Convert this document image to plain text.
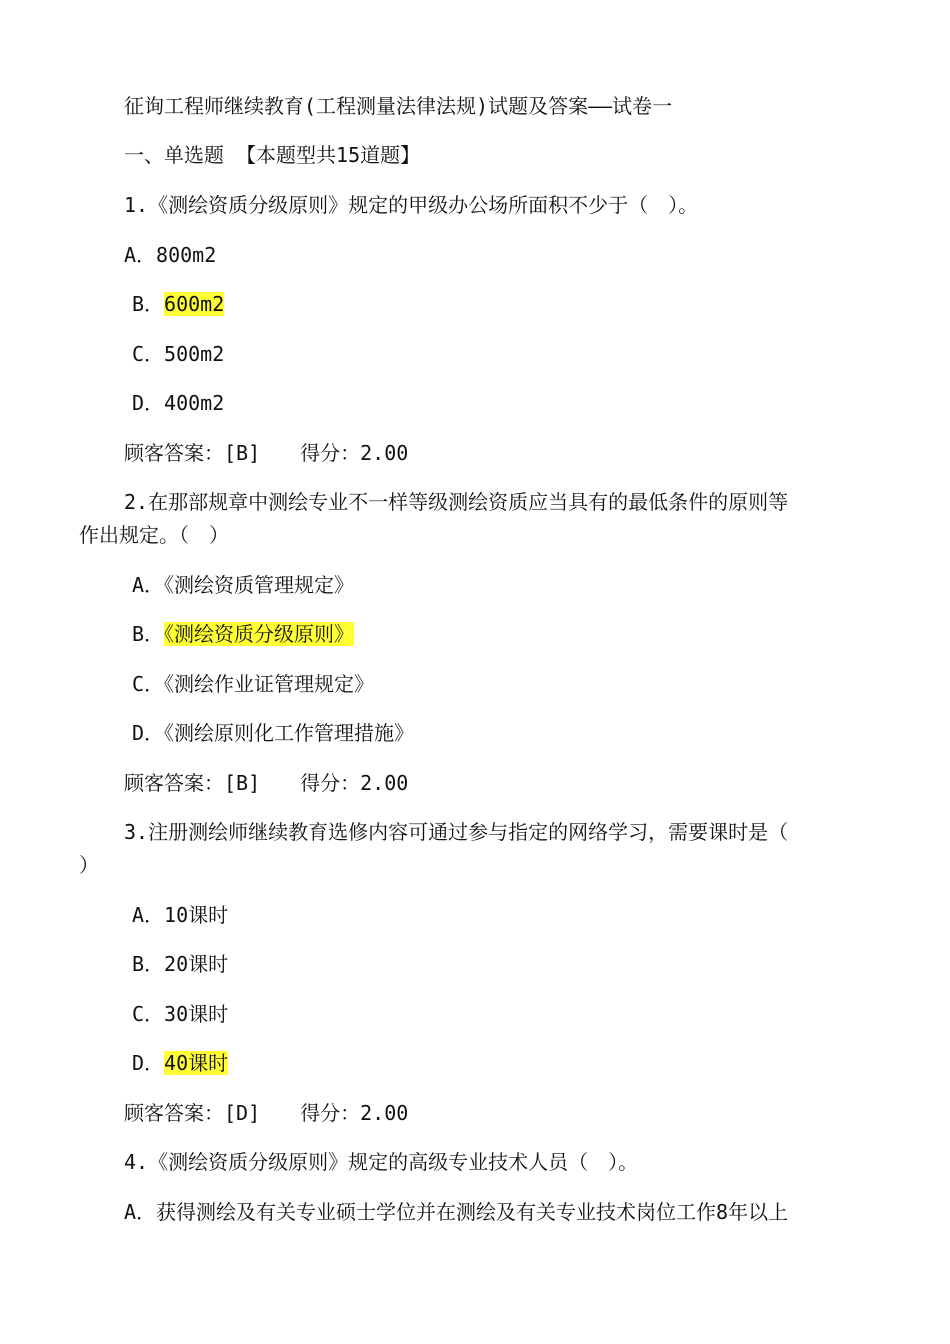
征询工程师继续教育(工程测量法律法规)试题及答案——试卷一
一、单选题 【本题型共15道题】
1.《测绘资质分级原则》规定的甲级办公场所面积不少于（　）。
A．800m2
B．600m2
C．500m2
D．400m2
顾客答案：[B]　　得分：2.00
2.在那部规章中测绘专业不一样等级测绘资质应当具有的最低条件的原则等
作出规定。（　）
A．《测绘资质管理规定》
B．《测绘资质分级原则》
C．《测绘作业证管理规定》
D．《测绘原则化工作管理措施》
顾客答案：[B]　　得分：2.00
3.注册测绘师继续教育选修内容可通过参与指定的网络学习，需要课时是（
）
A．10课时
B．20课时
C．30课时
D．40课时
顾客答案：[D]　　得分：2.00
4.《测绘资质分级原则》规定的高级专业技术人员（　）。
A．获得测绘及有关专业硕士学位并在测绘及有关专业技术岗位工作8年以上
